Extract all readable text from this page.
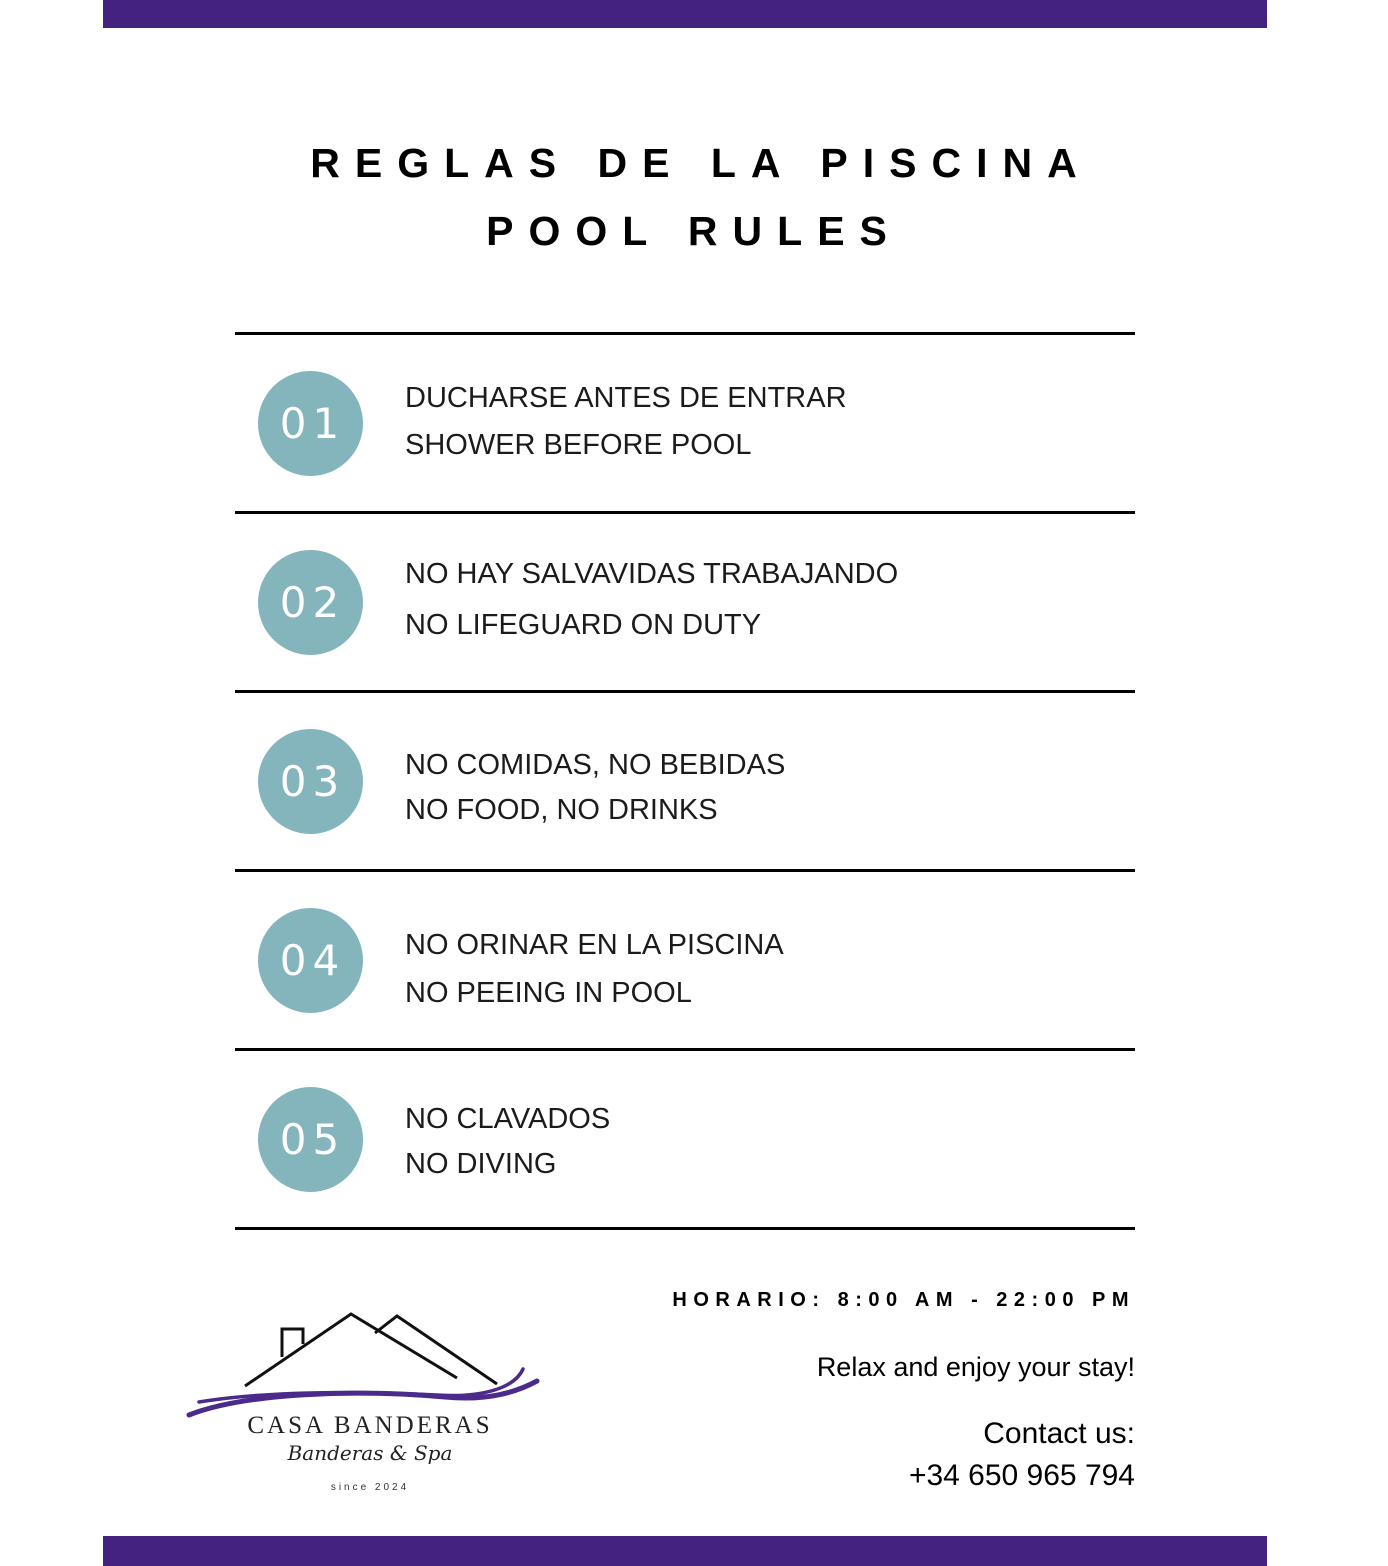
REGLAS DE LA PISCINA
POOL RULES
01
DUCHARSE ANTES DE ENTRAR
SHOWER BEFORE POOL
02
NO HAY SALVAVIDAS TRABAJANDO
NO LIFEGUARD ON DUTY
03	NO COMIDAS, NO BEBIDAS
NO FOOD, NO DRINKS
04	NO ORINAR EN LA PISCINA
NO PEEING IN POOL
05	NO CLAVADOS
NO DIVING
CASA BANDERAS
Banderas & Spa
since 2024
HORARIO: 8:00 AM - 22:00 PM
Relax and enjoy your stay!
Contact us:
+34 650 965 794
